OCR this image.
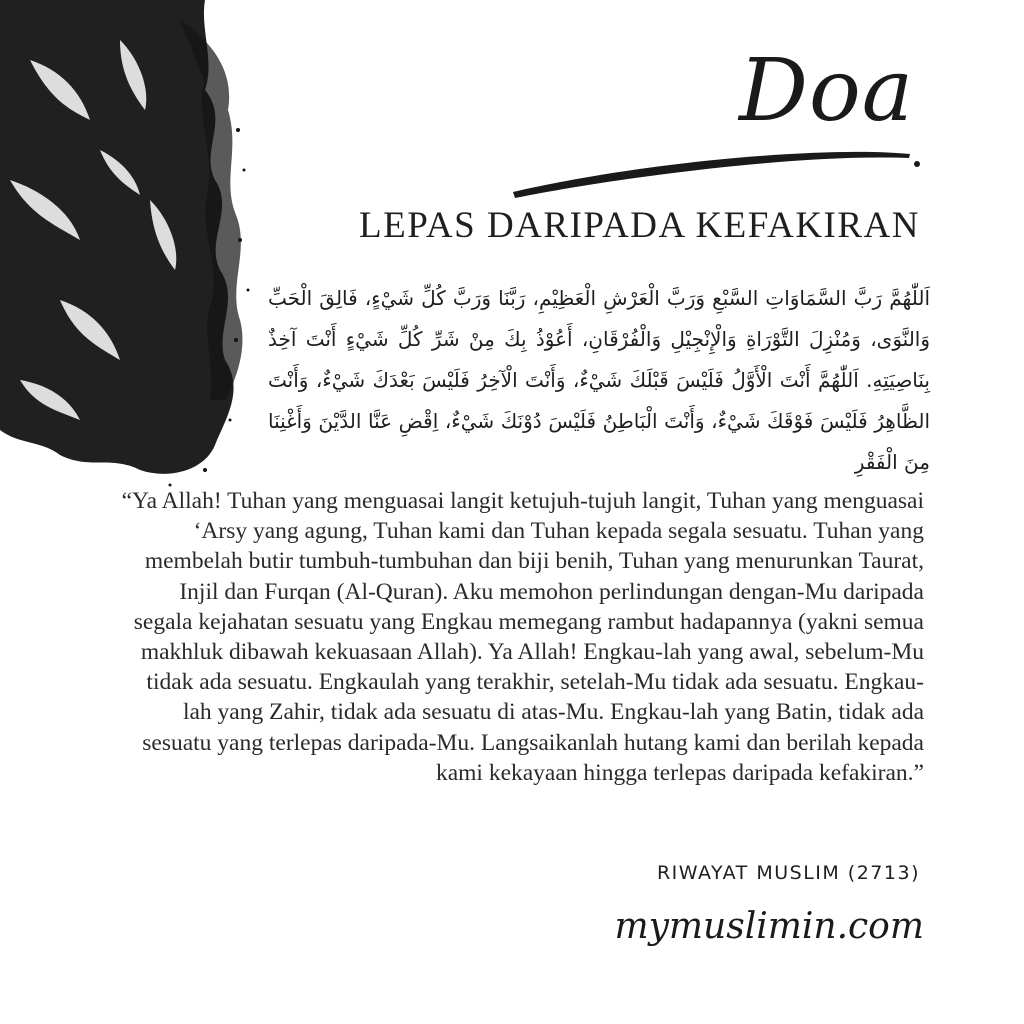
Doa
LEPAS DARIPADA KEFAKIRAN
اَللّٰهُمَّ رَبَّ السَّمَاوَاتِ السَّبْعِ وَرَبَّ الْعَرْشِ الْعَظِيْمِ، رَبَّنَا وَرَبَّ كُلِّ شَيْءٍ، فَالِقَ الْحَبِّ وَالنَّوَى، وَمُنْزِلَ التَّوْرَاةِ وَالْإِنْجِيْلِ وَالْفُرْقَانِ، أَعُوْذُ بِكَ مِنْ شَرِّ كُلِّ شَيْءٍ أَنْتَ آخِذٌ بِنَاصِيَتِهِ. اَللّٰهُمَّ أَنْتَ الْأَوَّلُ فَلَيْسَ قَبْلَكَ شَيْءٌ، وَأَنْتَ الْآخِرُ فَلَيْسَ بَعْدَكَ شَيْءٌ، وَأَنْتَ الظَّاهِرُ فَلَيْسَ فَوْقَكَ شَيْءٌ، وَأَنْتَ الْبَاطِنُ فَلَيْسَ دُوْنَكَ شَيْءٌ، اِقْضِ عَنَّا الدَّيْنَ وَأَغْنِنَا مِنَ الْفَقْرِ
“Ya Allah! Tuhan yang menguasai langit ketujuh-tujuh langit, Tuhan yang menguasai ‘Arsy yang agung, Tuhan kami dan Tuhan kepada segala sesuatu. Tuhan yang membelah butir tumbuh-tumbuhan dan biji benih, Tuhan yang menurunkan Taurat, Injil dan Furqan (Al-Quran). Aku memohon perlindungan dengan-Mu daripada segala kejahatan sesuatu yang Engkau memegang rambut hadapannya (yakni semua makhluk dibawah kekuasaan Allah). Ya Allah! Engkau-lah yang awal, sebelum-Mu tidak ada sesuatu. Engkaulah yang terakhir, setelah-Mu tidak ada sesuatu. Engkau-lah yang Zahir, tidak ada sesuatu di atas-Mu. Engkau-lah yang Batin, tidak ada sesuatu yang terlepas daripada-Mu. Langsaikanlah hutang kami dan berilah kepada kami kekayaan hingga terlepas daripada kefakiran.”
RIWAYAT MUSLIM (2713)
mymuslimin.com
